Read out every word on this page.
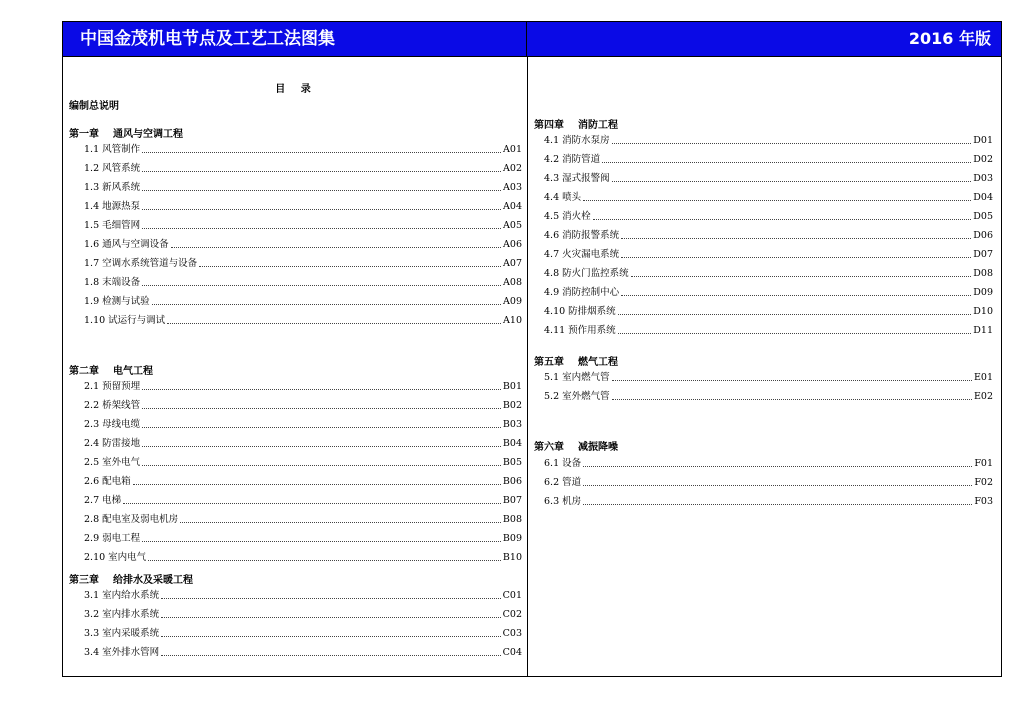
中国金茂机电节点及工艺工法图集	2016 年版
目 录
编制总说明
第一章 通风与空调工程
1.1 风管制作	A01
1.2 风管系统	A02
1.3 新风系统	A03
1.4 地源热泵	A04
1.5 毛细管网	A05
1.6 通风与空调设备	A06
1.7 空调水系统管道与设备	A07
1.8 末端设备	A08
1.9 检测与试验	A09
1.10 试运行与调试	A10
第二章 电气工程
2.1 预留预埋	B01
2.2 桥架线管	B02
2.3 母线电缆	B03
2.4 防雷接地	B04
2.5 室外电气	B05
2.6 配电箱	B06
2.7 电梯	B07
2.8 配电室及弱电机房	B08
2.9 弱电工程	B09
2.10 室内电气	B10
第三章 给排水及采暖工程
3.1 室内给水系统	C01
3.2 室内排水系统	C02
3.3 室内采暖系统	C03
3.4 室外排水管网	C04
第四章 消防工程
4.1 消防水泵房	D01
4.2 消防管道	D02
4.3 湿式报警阀	D03
4.4 喷头	D04
4.5 消火栓	D05
4.6 消防报警系统	D06
4.7 火灾漏电系统	D07
4.8 防火门监控系统	D08
4.9 消防控制中心	D09
4.10 防排烟系统	D10
4.11 预作用系统	D11
第五章 燃气工程
5.1 室内燃气管	E01
5.2 室外燃气管	E02
第六章 减振降噪
6.1 设备	F01
6.2 管道	F02
6.3 机房	F03
